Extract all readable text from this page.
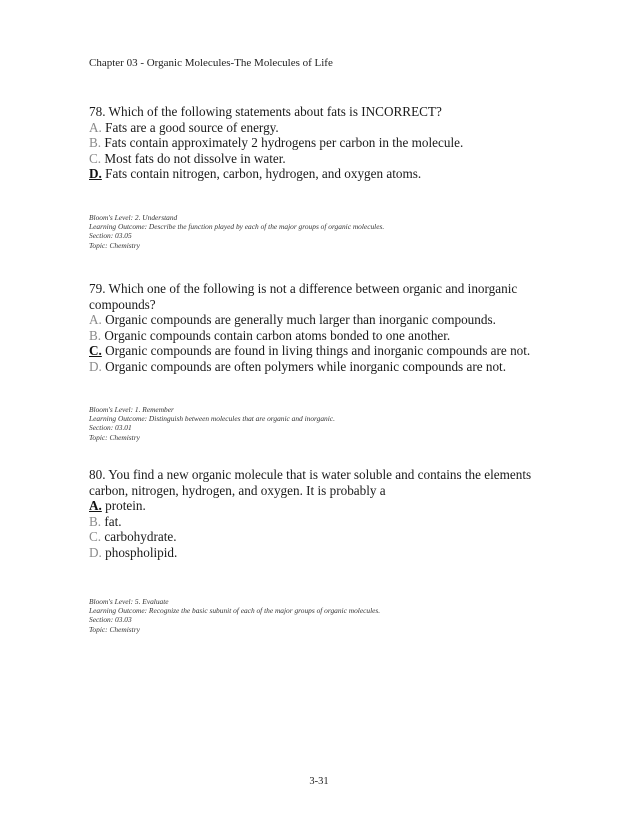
Chapter 03 - Organic Molecules-The Molecules of Life

78. Which of the following statements about fats is INCORRECT?

A. Fats are a good source of energy.

B. Fats contain approximately 2 hydrogens per carbon in the molecule.

C. Most fats do not dissolve in water.

D. Fats contain nitrogen, carbon, hydrogen, and oxygen atoms.

Bloom's Level: 2. Understand
Learning Outcome: Describe the function played by each of the major groups of organic molecules.
Section: 03.05
Topic: Chemistry

79. Which one of the following is not a difference between organic and inorganic compounds?

A. Organic compounds are generally much larger than inorganic compounds.

B. Organic compounds contain carbon atoms bonded to one another.

C. Organic compounds are found in living things and inorganic compounds are not.

D. Organic compounds are often polymers while inorganic compounds are not.

Bloom's Level: 1. Remember
Learning Outcome: Distinguish between molecules that are organic and inorganic.
Section: 03.01
Topic: Chemistry

80. You find a new organic molecule that is water soluble and contains the elements carbon, nitrogen, hydrogen, and oxygen. It is probably a

A. protein.

B. fat.

C. carbohydrate.

D. phospholipid.

Bloom's Level: 5. Evaluate
Learning Outcome: Recognize the basic subunit of each of the major groups of organic molecules.
Section: 03.03
Topic: Chemistry
3-31
